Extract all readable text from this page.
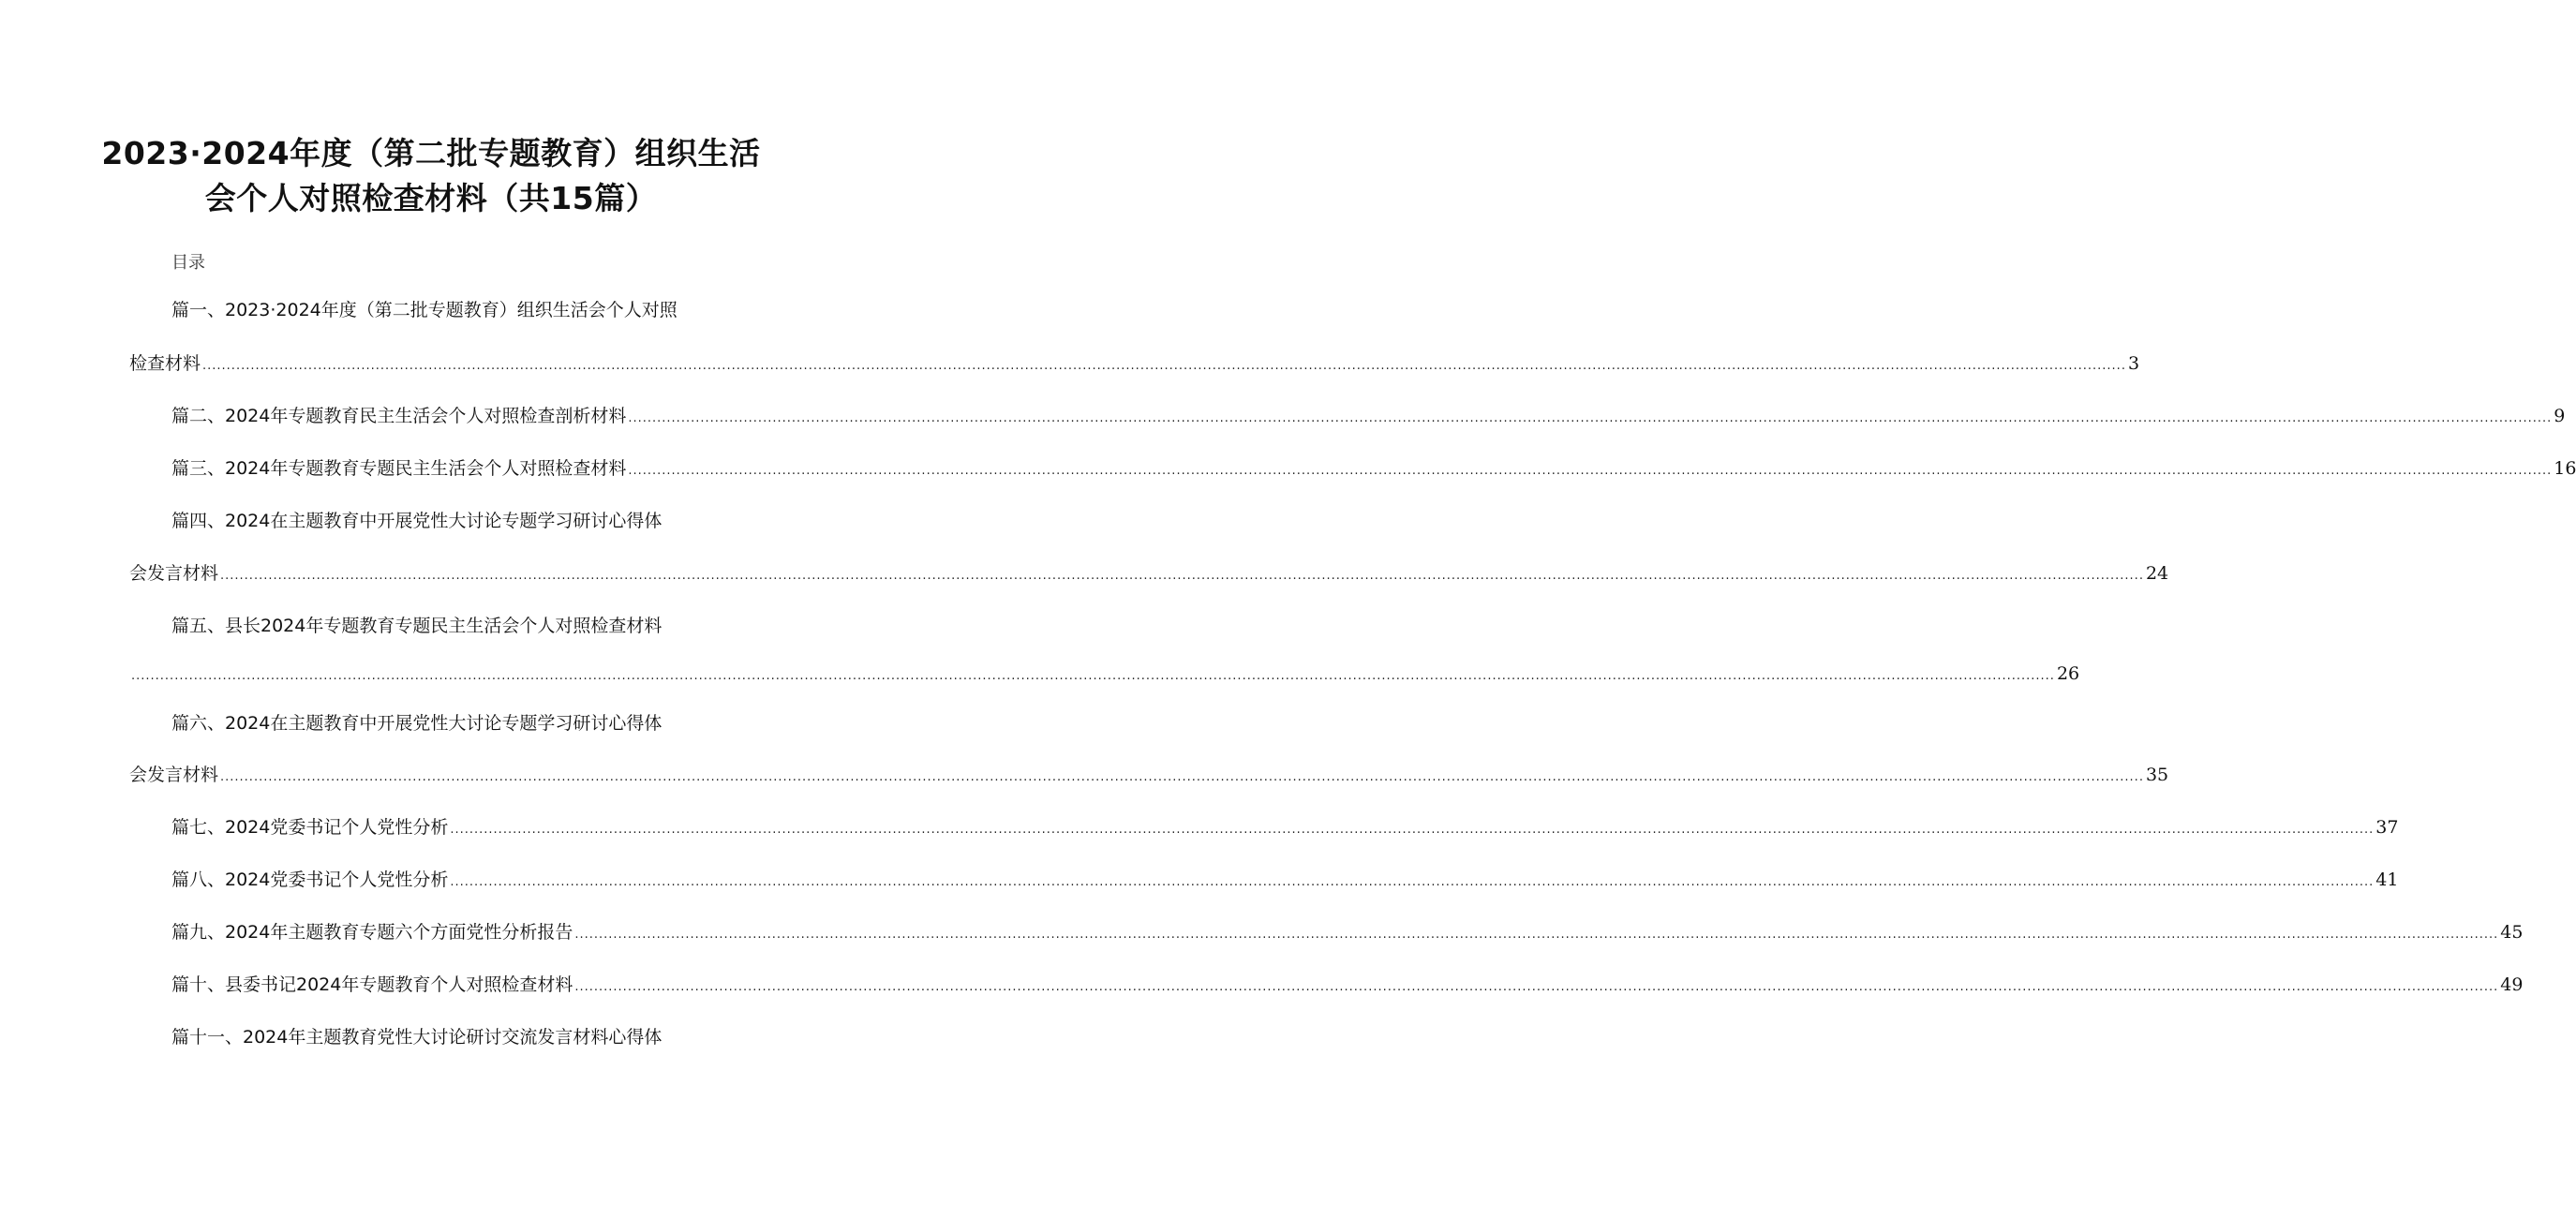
2023·2024年度（第二批专题教育）组织生活
会个人对照检查材料（共15篇）
目录
篇一、2023·2024年度（第二批专题教育）组织生活会个人对照
检查材料 ................................................................................................................................................................................................................................................................................................................................................................................................................ 3
篇二、2024年专题教育民主生活会个人对照检查剖析材料 ................................................................................................................................................................................................................................................................................................................................................................................................................ 9
篇三、2024年专题教育专题民主生活会个人对照检查材料 ................................................................................................................................................................................................................................................................................................................................................................................................................ 16
篇四、2024在主题教育中开展党性大讨论专题学习研讨心得体
会发言材料 ................................................................................................................................................................................................................................................................................................................................................................................................................ 24
篇五、县长2024年专题教育专题民主生活会个人对照检查材料
................................................................................................................................................................................................................................................................................................................................................................................................................ 26
篇六、2024在主题教育中开展党性大讨论专题学习研讨心得体
会发言材料 ................................................................................................................................................................................................................................................................................................................................................................................................................ 35
篇七、2024党委书记个人党性分析 ................................................................................................................................................................................................................................................................................................................................................................................................................ 37
篇八、2024党委书记个人党性分析 ................................................................................................................................................................................................................................................................................................................................................................................................................ 41
篇九、2024年主题教育专题六个方面党性分析报告 ................................................................................................................................................................................................................................................................................................................................................................................................................ 45
篇十、县委书记2024年专题教育个人对照检查材料 ................................................................................................................................................................................................................................................................................................................................................................................................................ 49
篇十一、2024年主题教育党性大讨论研讨交流发言材料心得体
